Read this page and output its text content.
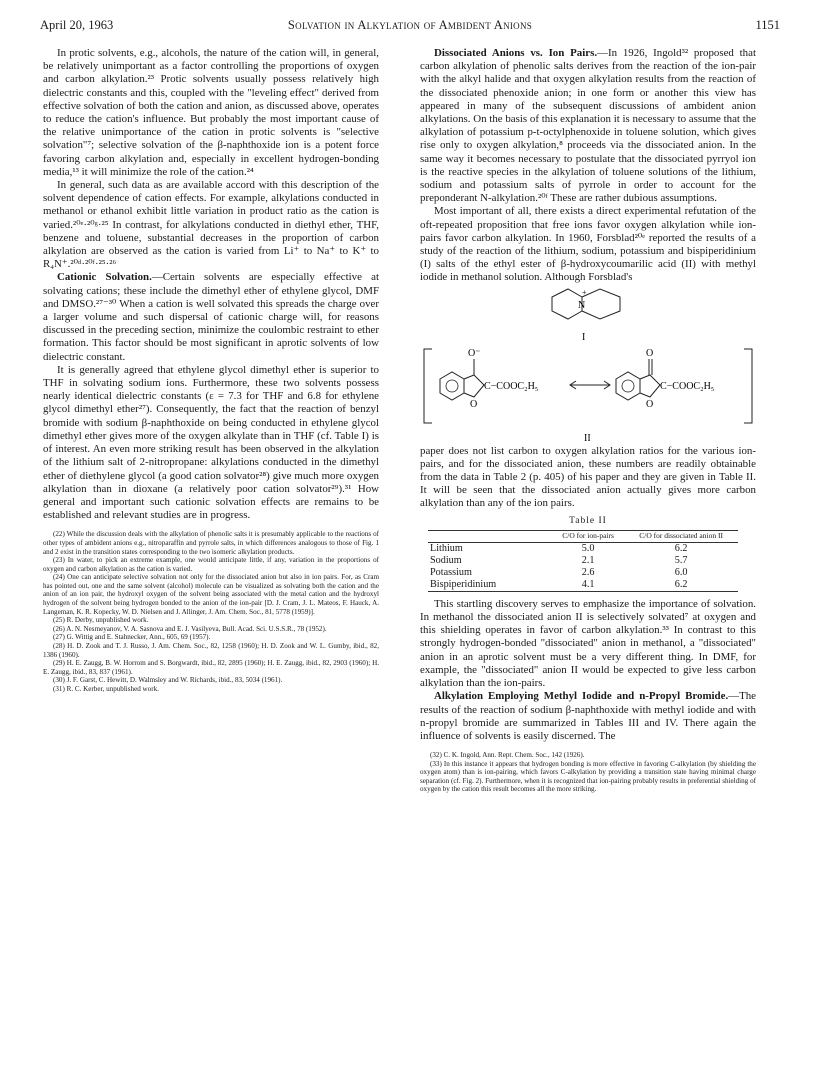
April 20, 1963	Solvation in Alkylation of Ambident Anions	1151

In protic solvents, e.g., alcohols, the nature of the cation will, in general, be relatively unimportant as a factor controlling the proportions of oxygen and carbon alkylation.²³ Protic solvents usually possess relatively high dielectric constants and this, coupled with the "leveling effect" derived from effective solvation of both the cation and anion, as discussed above, operates to reduce the cation's influence. But probably the most important cause of the relative unimportance of the cation in protic solvents is "selective solvation"⁷; selective solvation of the β-naphthoxide ion is a potent force favoring carbon alkylation and, especially in excellent hydrogen-bonding media,¹³ it will minimize the role of the cation.²⁴

In general, such data as are available accord with this description of the solvent dependence of cation effects. For example, alkylations conducted in methanol or ethanol exhibit little variation in product ratio as the cation is varied.²⁰ᵉ·²⁰ᵍ·²⁵ In contrast, for alkylations conducted in diethyl ether, THF, benzene and toluene, substantial decreases in the proportion of carbon alkylation are observed as the cation is varied from Li⁺ to Na⁺ to K⁺ to R₄N⁺.²⁰ᵈ·²⁰ᶠ·²⁵·²⁶

Cationic Solvation.—Certain solvents are especially effective at solvating cations; these include the dimethyl ether of ethylene glycol, DMF and DMSO.²⁷⁻³⁰ When a cation is well solvated this spreads the charge over a larger volume and such dispersal of cationic charge will, for reasons discussed in the preceding section, minimize the coulombic restraint to ether formation. This factor should be most significant in aprotic solvents of low dielectric constant.

It is generally agreed that ethylene glycol dimethyl ether is superior to THF in solvating sodium ions. Furthermore, these two solvents possess nearly identical dielectric constants (ε = 7.3 for THF and 6.8 for ethylene glycol dimethyl ether²⁷). Consequently, the fact that the reaction of benzyl bromide with sodium β-naphthoxide on being conducted in ethylene glycol dimethyl ether gives more of the oxygen alkylate than in THF (cf. Table I) is of interest. An even more striking result has been observed in the alkylation of the lithium salt of 2-nitropropane: alkylations conducted in the dimethyl ether of diethylene glycol (a good cation solvator²⁸) give much more oxygen alkylation than in dioxane (a relatively poor cation solvator²⁹).³¹ How general and important such cationic solvation effects are remains to be established and relevant studies are in progress.

(22) While the discussion deals with the alkylation of phenolic salts it is presumably applicable to the reactions of other types of ambident anions e.g., nitroparaffin and pyrrole salts, in which differences analogous to those of Fig. 1 and 2 exist in the transition states corresponding to the two isomeric alkylation products.

(23) In water, to pick an extreme example, one would anticipate little, if any, variation in the proportions of oxygen and carbon alkylation as the cation is varied.

(24) One can anticipate selective solvation not only for the dissociated anion but also in ion pairs. For, as Cram has pointed out, one and the same solvent (alcohol) molecule can be visualized as solvating both the cation and the anion of an ion pair, the hydroxyl oxygen of the solvent being associated with the metal cation and the hydroxyl hydrogen of the solvent being hydrogen bonded to the anion of the ion-pair [D. J. Cram, J. L. Mateos, F. Hauck, A. Langeman, K. R. Kopecky, W. D. Nielsen and J. Allinger, J. Am. Chem. Soc., 81, 5778 (1959)].

(25) R. Derby, unpublished work.

(26) A. N. Nesmeyanov, V. A. Sasnova and E. J. Vasilyeva, Bull. Acad. Sci. U.S.S.R., 78 (1952).

(27) G. Wittig and E. Stahnecker, Ann., 605, 69 (1957).

(28) H. D. Zook and T. J. Russo, J. Am. Chem. Soc., 82, 1258 (1960); H. D. Zook and W. L. Gumby, ibid., 82, 1386 (1960).

(29) H. E. Zaugg, B. W. Horrom and S. Borgwardt, ibid., 82, 2895 (1960); H. E. Zaugg, ibid., 82, 2903 (1960); H. E. Zaugg, ibid., 83, 837 (1961).

(30) J. F. Garst, C. Hewitt, D. Walmsley and W. Richards, ibid., 83, 5034 (1961).

(31) R. C. Kerber, unpublished work.

Dissociated Anions vs. Ion Pairs.—In 1926, Ingold³² proposed that carbon alkylation of phenolic salts derives from the reaction of the ion-pair with the alkyl halide and that oxygen alkylation results from the reaction of the dissociated phenoxide anion; in one form or another this view has appeared in many of the subsequent discussions of ambident anion alkylations. On the basis of this explanation it is necessary to assume that the alkylation of potassium p-t-octylphenoxide in toluene solution, which gives rise only to oxygen alkylation,⁸ proceeds via the dissociated anion. In the same way it becomes necessary to postulate that the dissociated pyrryol ion is the reactive species in the alkylation of toluene solutions of the lithium, sodium and potassium salts of pyrrole in order to account for the preponderant N-alkylation.²⁰ᶠ These are rather dubious assumptions.

Most important of all, there exists a direct experimental refutation of the oft-repeated proposition that free ions favor oxygen alkylation while ion-pairs favor carbon alkylation. In 1960, Forsblad²⁰ᵉ reported the results of a study of the reaction of the lithium, sodium, potassium and bispiperidinium (I) salts of the ethyl ester of β-hydroxycoumarilic acid (II) with methyl iodide in methanol solution. Although Forsblad's

N
+
I
O⁻
C−COOC₂H₅
O
O
C−COOC₂H₅
O
II

paper does not list carbon to oxygen alkylation ratios for the various ion-pairs, and for the dissociated anion, these numbers are readily obtainable from the data in Table 2 (p. 405) of his paper and they are given in Table II. It will be seen that the dissociated anion actually gives more carbon alkylation than any of the ion pairs.

Table II
	C/O for ion-pairs	C/O for dissociated anion II
Lithium	5.0	6.2
Sodium	2.1	5.7
Potassium	2.6	6.0
Bispiperidinium	4.1	6.2

This startling discovery serves to emphasize the importance of solvation. In methanol the dissociated anion II is selectively solvated⁷ at oxygen and this shielding operates in favor of carbon alkylation.³³ In contrast to this strongly hydrogen-bonded "dissociated" anion in methanol, a "dissociated" anion in an aprotic solvent must be a very different thing. In DMF, for example, the "dissociated" anion II would be expected to give less carbon alkylation than the ion-pairs.

Alkylation Employing Methyl Iodide and n-Propyl Bromide.—The results of the reaction of sodium β-naphthoxide with methyl iodide and with n-propyl bromide are summarized in Tables III and IV. There again the influence of solvents is easily discerned. The

(32) C. K. Ingold, Ann. Rept. Chem. Soc., 142 (1926).

(33) In this instance it appears that hydrogen bonding is more effective in favoring C-alkylation (by shielding the oxygen atom) than is ion-pairing, which favors C-alkylation by providing a transition state having minimal charge separation (cf. Fig. 2). Furthermore, when it is recognized that ion-pairing probably results in preferential shielding of oxygen by the cation this result becomes all the more striking.
